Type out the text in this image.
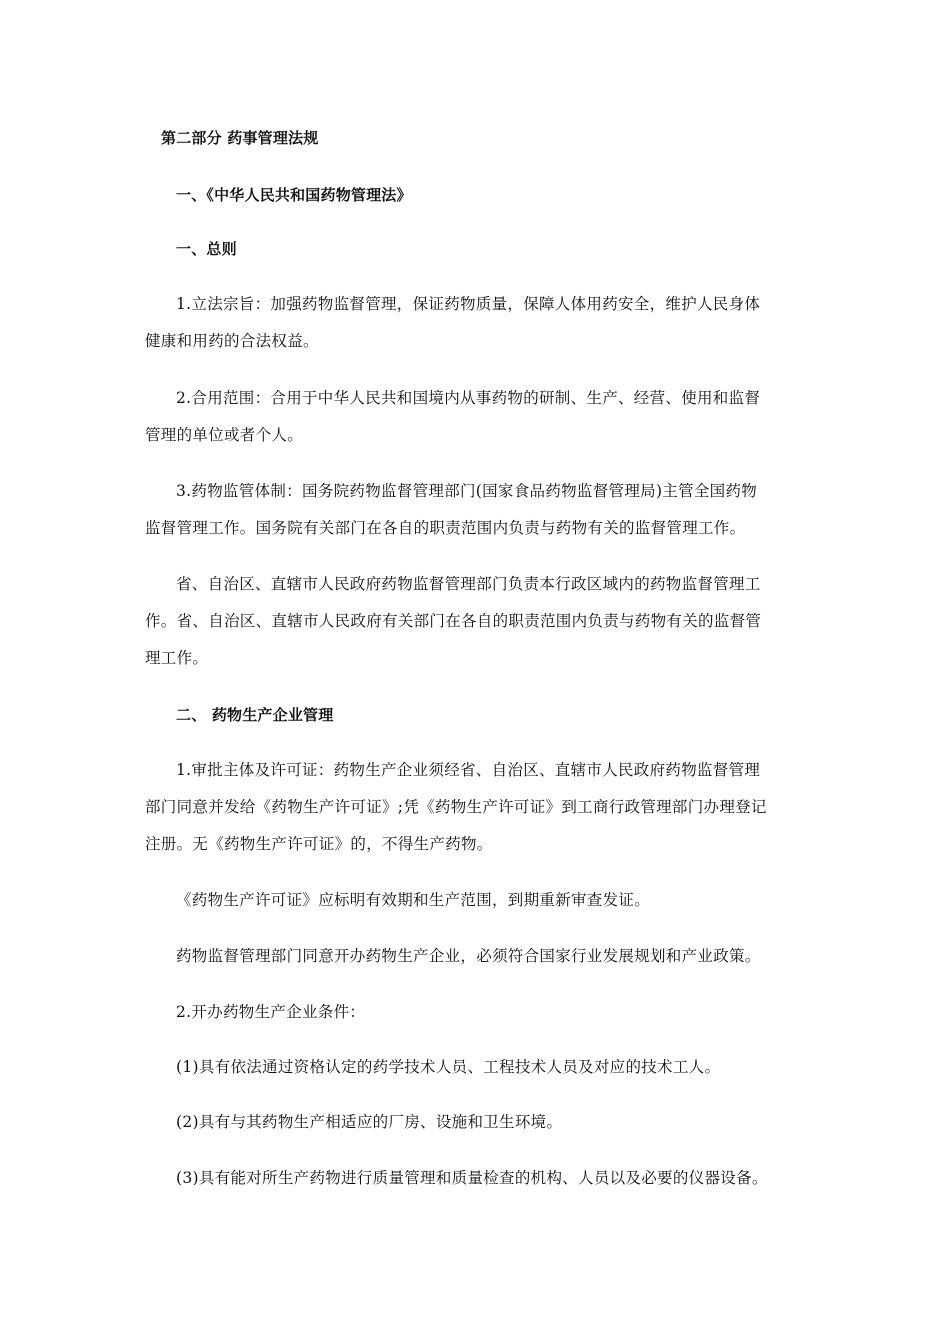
第二部分 药事管理法规
一、《中华人民共和国药物管理法》
一、总则
1.立法宗旨：加强药物监督管理，保证药物质量，保障人体用药安全，维护人民身体
健康和用药的合法权益。
2.合用范围：合用于中华人民共和国境内从事药物的研制、生产、经营、使用和监督
管理的单位或者个人。
3.药物监管体制：国务院药物监督管理部门(国家食品药物监督管理局)主管全国药物
监督管理工作。国务院有关部门在各自的职责范围内负责与药物有关的监督管理工作。
省、自治区、直辖市人民政府药物监督管理部门负责本行政区域内的药物监督管理工
作。省、自治区、直辖市人民政府有关部门在各自的职责范围内负责与药物有关的监督管
理工作。
二、 药物生产企业管理
1.审批主体及许可证：药物生产企业须经省、自治区、直辖市人民政府药物监督管理
部门同意并发给《药物生产许可证》;凭《药物生产许可证》到工商行政管理部门办理登记
注册。无《药物生产许可证》的，不得生产药物。
《药物生产许可证》应标明有效期和生产范围，到期重新审查发证。
药物监督管理部门同意开办药物生产企业，必须符合国家行业发展规划和产业政策。
2.开办药物生产企业条件：
(1)具有依法通过资格认定的药学技术人员、工程技术人员及对应的技术工人。
(2)具有与其药物生产相适应的厂房、设施和卫生环境。
(3)具有能对所生产药物进行质量管理和质量检查的机构、人员以及必要的仪器设备。
